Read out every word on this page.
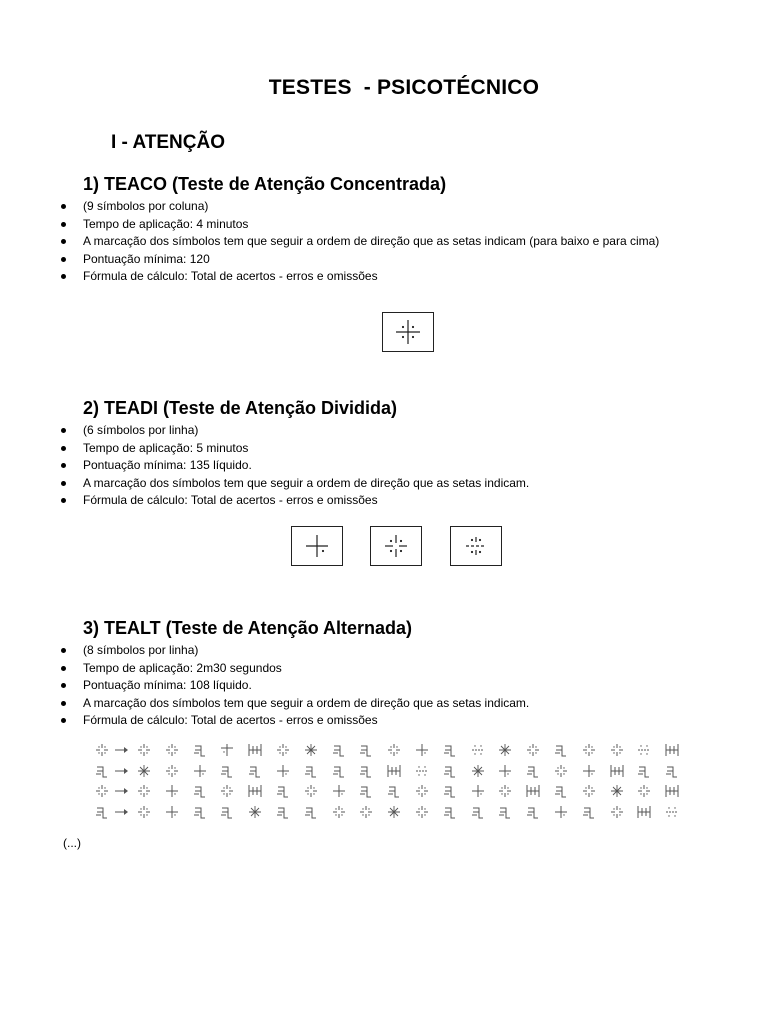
TESTES  - PSICOTÉCNICO
I - ATENÇÃO
1) TEACO (Teste de Atenção Concentrada)
(9 símbolos por coluna)
Tempo de aplicação: 4 minutos
A marcação dos símbolos tem que seguir a ordem de direção que as setas indicam (para baixo e para cima)
Pontuação mínima: 120
Fórmula de cálculo: Total de acertos - erros e omissões
2) TEADI (Teste de Atenção Dividida)
(6 símbolos por linha)
Tempo de aplicação: 5 minutos
Pontuação mínima: 135 líquido.
A marcação dos símbolos tem que seguir a ordem de direção que as setas indicam.
Fórmula de cálculo: Total de acertos - erros e omissões
3) TEALT (Teste de Atenção Alternada)
(8 símbolos por linha)
Tempo de aplicação: 2m30 segundos
Pontuação mínima: 108 líquido.
A marcação dos símbolos tem que seguir a ordem de direção que as setas indicam.
Fórmula de cálculo: Total de acertos - erros e omissões
(...)
